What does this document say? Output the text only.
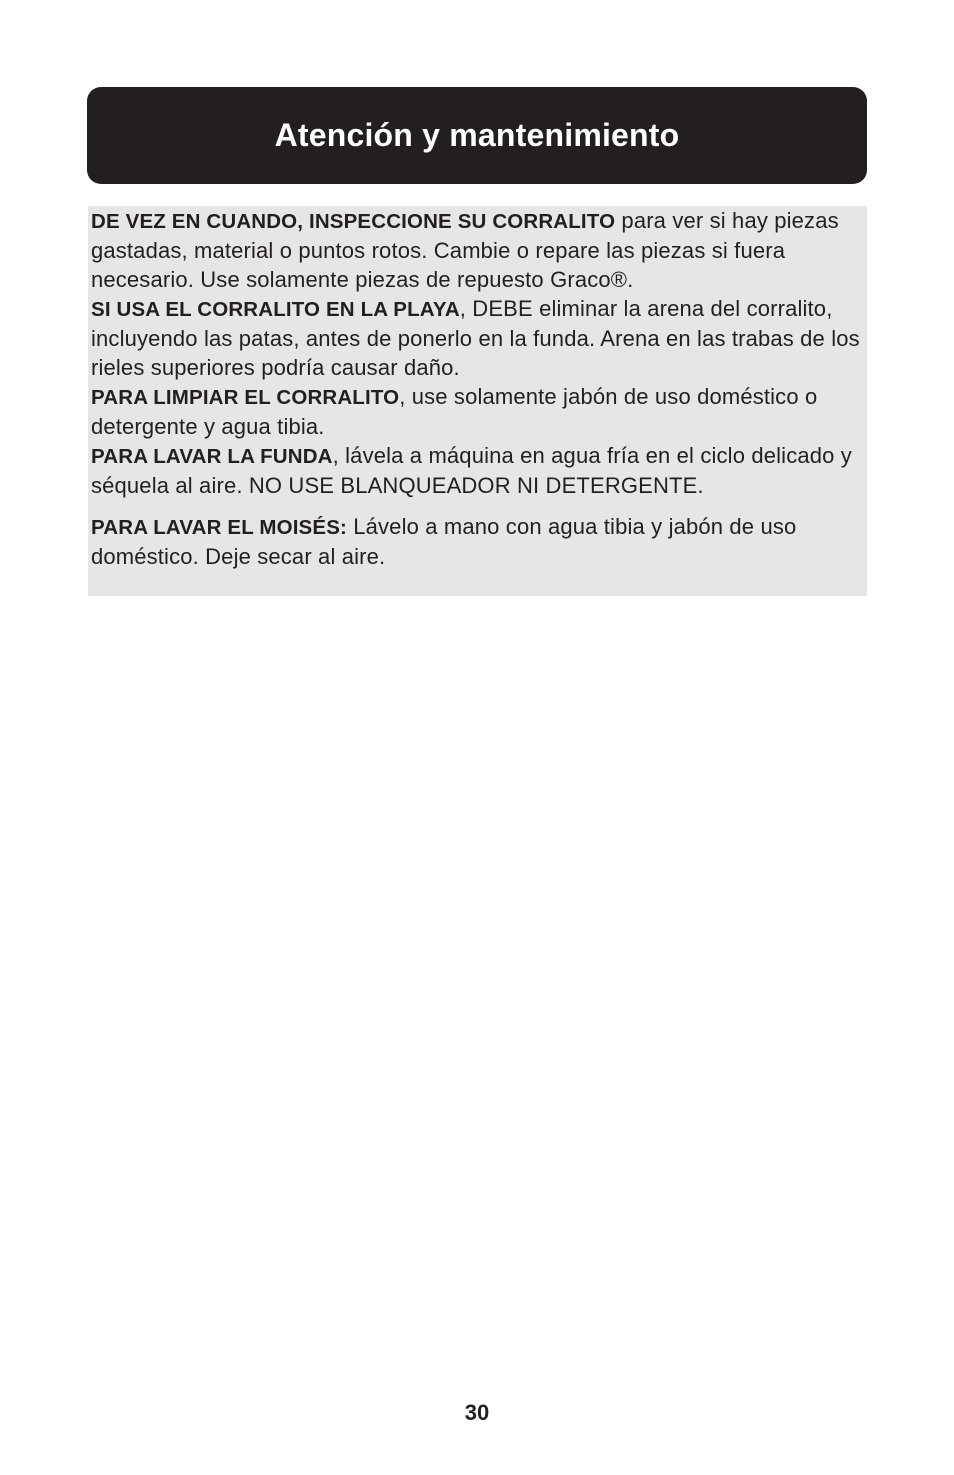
Atención y mantenimiento

DE VEZ EN CUANDO, INSPECCIONE SU CORRALITO para ver si hay piezas gastadas, material o puntos rotos. Cambie o repare las piezas si fuera necesario. Use solamente piezas de repuesto Graco®.

SI USA EL CORRALITO EN LA PLAYA, DEBE eliminar la arena del corralito, incluyendo las patas, antes de ponerlo en la funda. Arena en las trabas de los rieles superiores podría causar daño.

PARA LIMPIAR EL CORRALITO, use solamente jabón de uso doméstico o detergente y agua tibia.

PARA LAVAR LA FUNDA, lávela a máquina en agua fría en el ciclo delicado y séquela al aire. NO USE BLANQUEADOR NI DETERGENTE.

PARA LAVAR EL MOISÉS: Lávelo a mano con agua tibia y jabón de uso doméstico. Deje secar al aire.

30
